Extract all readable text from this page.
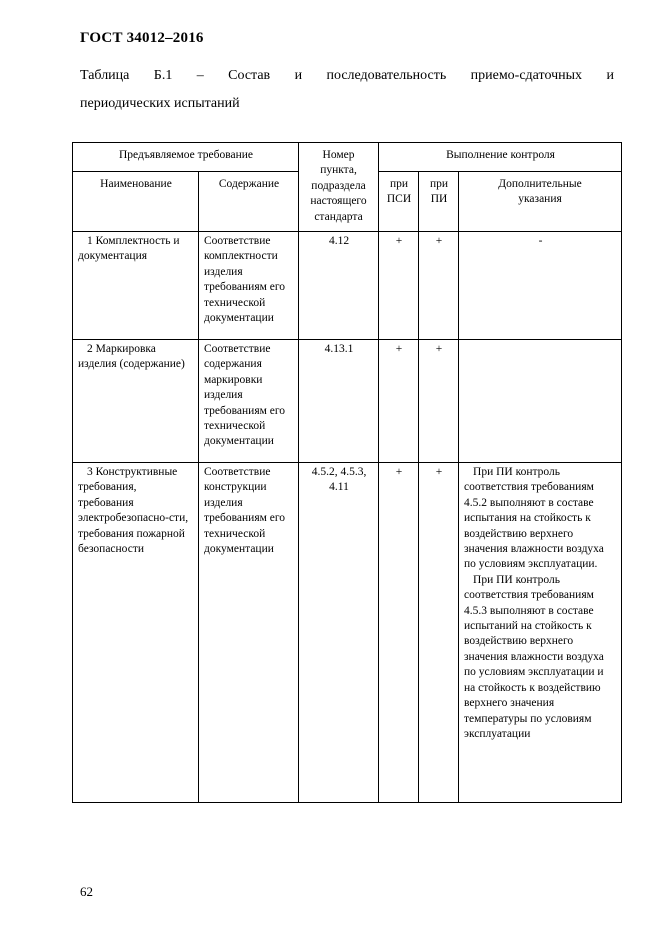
ГОСТ 34012–2016
Таблица Б.1 – Состав и последовательность приемо-сдаточных и
периодических испытаний
Предъявляемое требование		Номер пункта, подраздела настоящего стандарта	Выполнение контроля		
Наименование	Содержание		при ПСИ	при ПИ	Дополнительные указания
1 Комплектность и документация	Соответствие комплектности изделия требованиям его технической документации	4.12	+	+	-
2 Маркировка изделия (содержание)	Соответствие содержания маркировки изделия требованиям его технической документации	4.13.1	+	+	
3 Конструктивные требования, требования электробезопасно-сти, требования пожарной безопасности	Соответствие конструкции изделия требованиям его технической документации	4.5.2, 4.5.3, 4.11	+	+	При ПИ контроль соответствия требованиям 4.5.2 выполняют в составе испытания на стойкость к воздействию верхнего значения влажности воздуха по условиям эксплуатации.

При ПИ контроль соответствия требованиям 4.5.3 выполняют в составе испытаний на стойкость к воздействию верхнего значения влажности воздуха по условиям эксплуатации и на стойкость к воздействию верхнего значения температуры по условиям эксплуатации

62
